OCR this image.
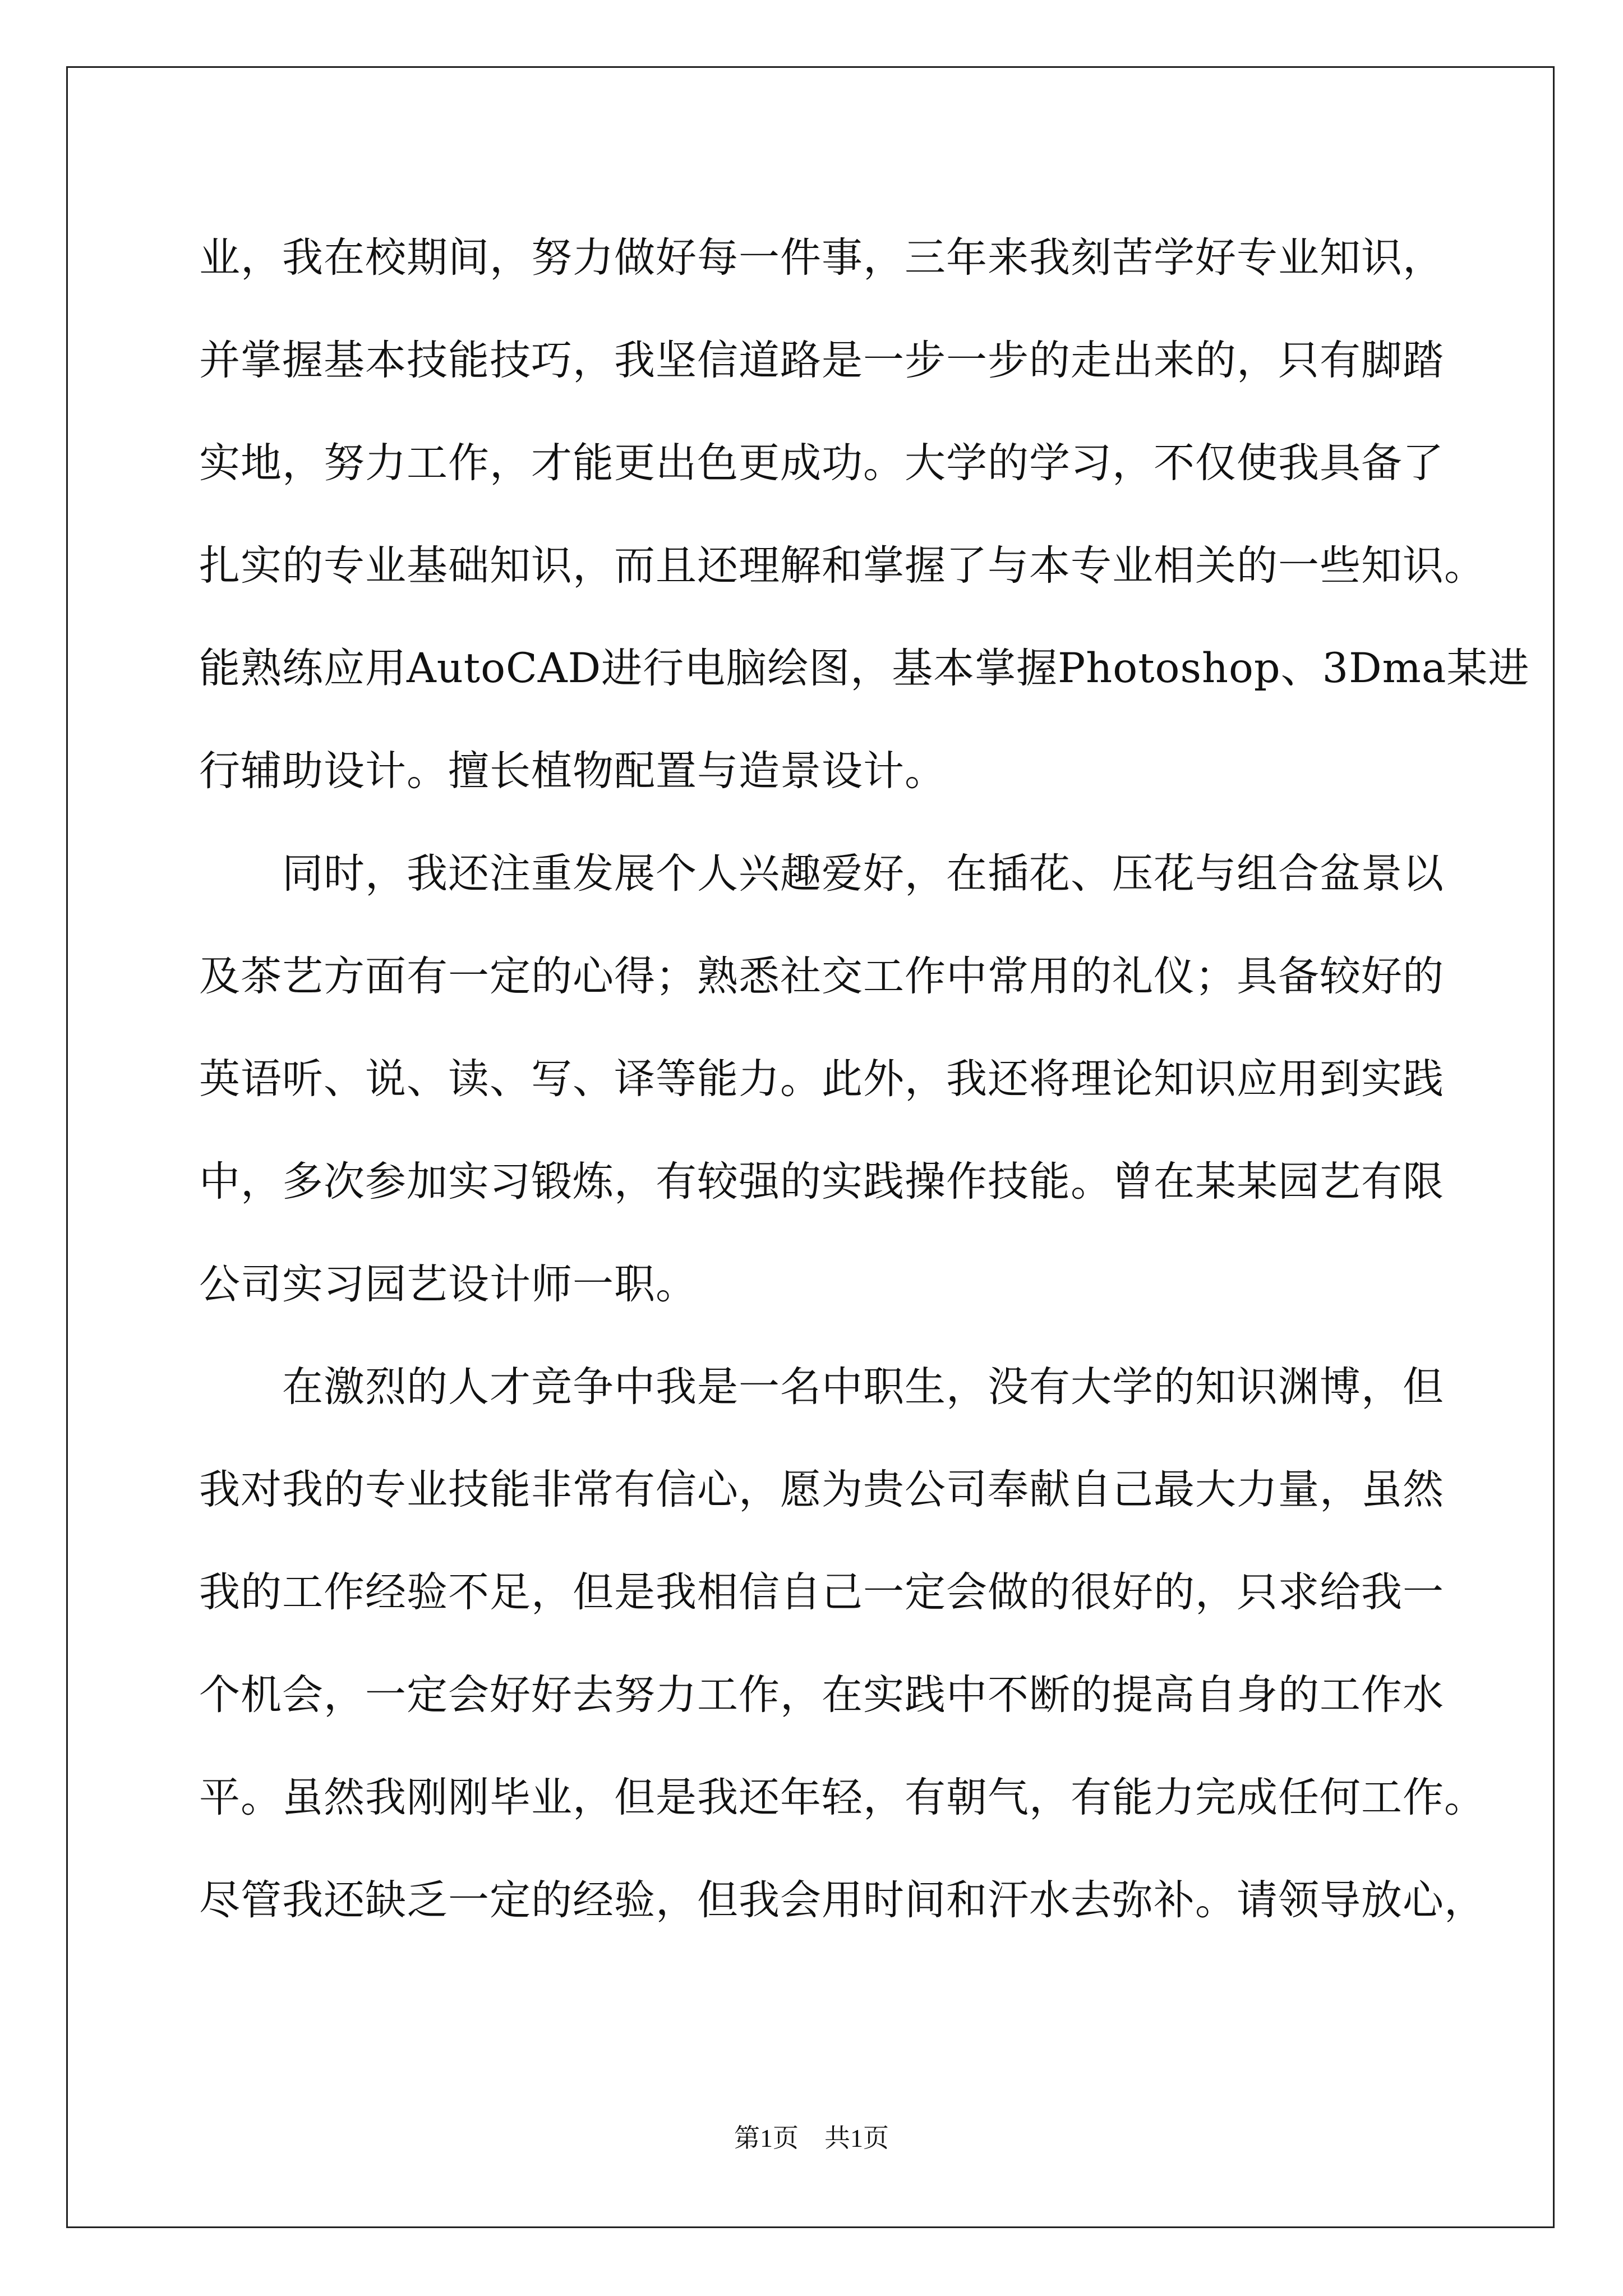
业，我在校期间，努力做好每一件事，三年来我刻苦学好专业知识，
并掌握基本技能技巧，我坚信道路是一步一步的走出来的，只有脚踏
实地，努力工作，才能更出色更成功。大学的学习，不仅使我具备了
扎实的专业基础知识，而且还理解和掌握了与本专业相关的一些知识。
能熟练应用AutoCAD进行电脑绘图，基本掌握Photoshop、3Dma某进
行辅助设计。擅长植物配置与造景设计。
同时，我还注重发展个人兴趣爱好，在插花、压花与组合盆景以
及茶艺方面有一定的心得；熟悉社交工作中常用的礼仪；具备较好的
英语听、说、读、写、译等能力。此外，我还将理论知识应用到实践
中，多次参加实习锻炼，有较强的实践操作技能。曾在某某园艺有限
公司实习园艺设计师一职。
在激烈的人才竞争中我是一名中职生，没有大学的知识渊博，但
我对我的专业技能非常有信心，愿为贵公司奉献自己最大力量，虽然
我的工作经验不足，但是我相信自己一定会做的很好的，只求给我一
个机会，一定会好好去努力工作，在实践中不断的提高自身的工作水
平。虽然我刚刚毕业，但是我还年轻，有朝气，有能力完成任何工作。
尽管我还缺乏一定的经验，但我会用时间和汗水去弥补。请领导放心，
第1页 共1页
